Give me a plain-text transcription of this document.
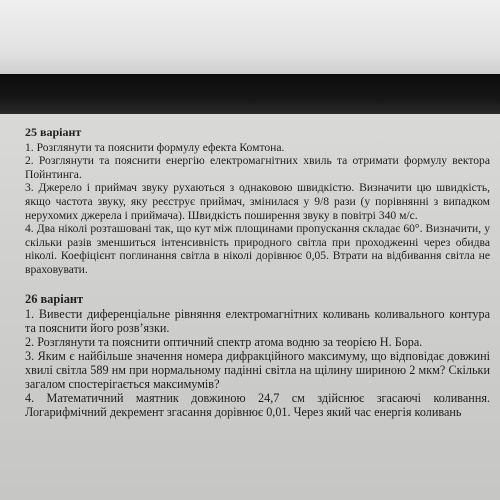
25 варіант

1. Розглянути та пояснити формулу ефекта Комтона.

2. Розглянути та пояснити енергію електромагнітних хвиль та отримати формулу вектора Пойнтинга.

3. Джерело і приймач звуку рухаються з однаковою швидкістю. Визначити цю швидкість, якщо частота звуку, яку реєструє приймач, змінилася у 9/8 рази (у порівнянні з випадком нерухомих джерела і приймача). Швидкість поширення звуку в повітрі 340 м/с.

4. Два ніколі розташовані так, що кут між площинами пропускання складає 60°. Визначити, у скільки разів зменшиться інтенсивність природного світла при проходженні через обидва ніколі. Коефіцієнт поглинання світла в ніколі дорівнює 0,05. Втрати на відбивання світла не враховувати.

26 варіант

1. Вивести диференціальне рівняння електромагнітних коливань коливального контура та пояснити його розв’язки.

2. Розглянути та пояснити оптичний спектр атома водню за теорією Н. Бора.

3. Яким є найбільше значення номера дифракційного максимуму, що відповідає довжині хвилі світла 589 нм при нормальному падінні світла на щілину шириною 2 мкм? Скільки загалом спостерігається максимумів?

4. Математичний маятник довжиною 24,7 см здійснює згасаючі коливання. Логарифмічний декремент згасання дорівнює 0,01. Через який час енергія коливань
